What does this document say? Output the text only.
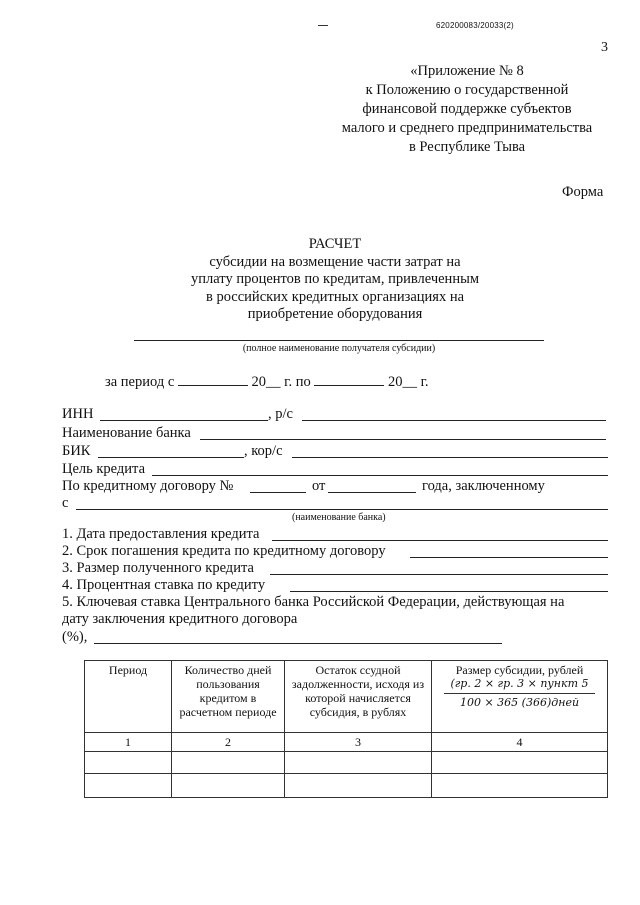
620200083/20033(2)
3
«Приложение № 8
к Положению о государственной
финансовой поддержке субъектов
малого и среднего предпринимательства
в Республике Тыва
Форма
РАСЧЕТ
субсидии на возмещение части затрат на
уплату процентов по кредитам, привлеченным
в российских кредитных организациях на
приобретение оборудования
(полное наименование получателя субсидии)
за период с	20__ г. по	20__ г.
ИНН	, р/с
Наименование банка
БИК	, кор/с
Цель кредита
По кредитному договору №	от	года, заключенному
с
(наименование банка)
1. Дата предоставления кредита
2. Срок погашения кредита по кредитному договору
3. Размер полученного кредита
4. Процентная ставка по кредиту
5. Ключевая ставка Центрального банка Российской Федерации, действующая на
дату заключения кредитного договора
(%),
Период	Количество дней пользования кредитом в расчетном периоде	Остаток ссудной задолженности, исходя из которой начисляется субсидия, в рублях	Размер субсидии, рублей
(гр. 2 × гр. 3 × пункт 5
100 × 365 (366)дней

1	2	3	4
